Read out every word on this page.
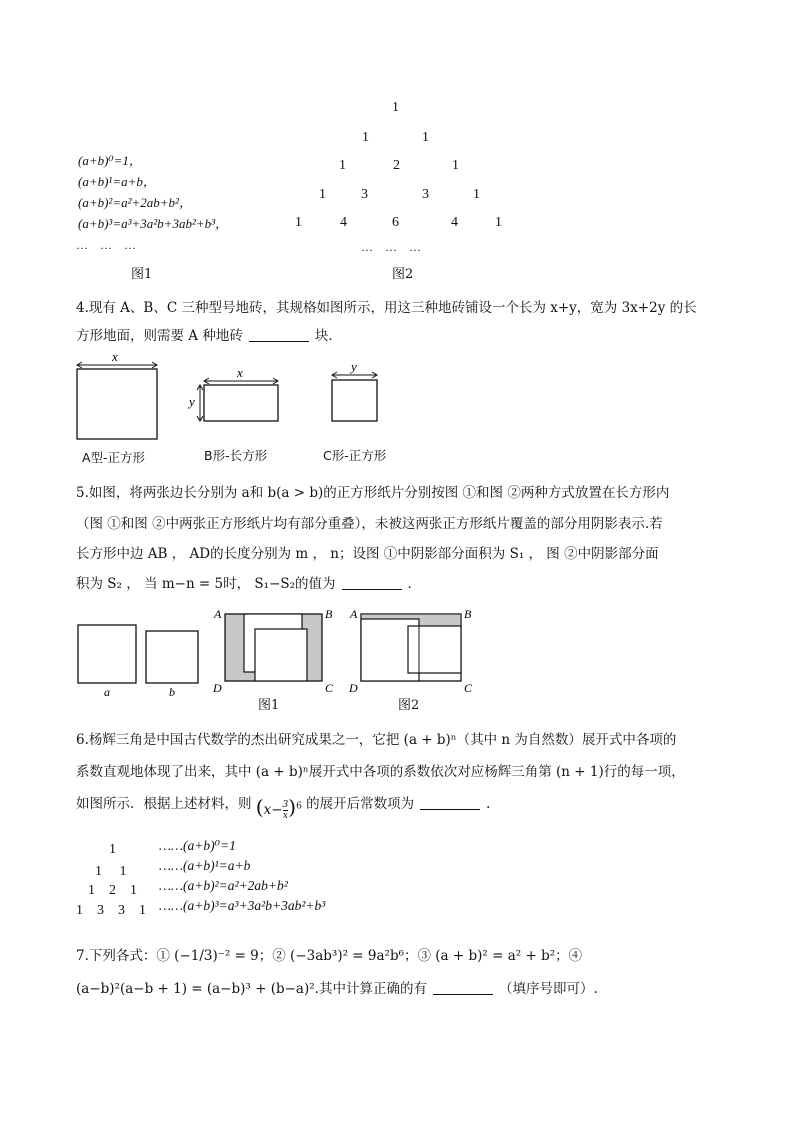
(a+b)⁰=1，
(a+b)¹=a+b，
(a+b)²=a²+2ab+b²，
(a+b)³=a³+3a²b+3ab²+b³，
…　…　…
图1
1
1	1
1	2	1
1	3	3	1
1	4	6	4	1
…　…　…
图2
4.现有 A、B、C 三种型号地砖，其规格如图所示，用这三种地砖铺设一个长为 x+y，宽为 3x+2y 的长
方形地面，则需要 A 种地砖	块．
x
x
y
y
A型-正方形	B形-长方形	C形-正方形
5.如图，将两张边长分别为 a和 b(a > b)的正方形纸片分别按图 ①和图 ②两种方式放置在长方形内
（图 ①和图 ②中两张正方形纸片均有部分重叠），未被这两张正方形纸片覆盖的部分用阴影表示.若
长方形中边 AB ， AD的长度分别为 m ， n；设图 ①中阴影部分面积为 S₁ ， 图 ②中阴影部分面
积为 S₂ ， 当 m−n = 5时， S₁−S₂的值为	．
a	b
A	B
C
D
A	B
C
D
图1	图2
6.杨辉三角是中国古代数学的杰出研究成果之一，它把 (a + b)ⁿ（其中 n 为自然数）展开式中各项的
系数直观地体现了出来，其中 (a + b)ⁿ展开式中各项的系数依次对应杨辉三角第 (n + 1)行的每一项，
如图所示．根据上述材料，则 $(x- \frac{3}{x} )^6$ 的展开后常数项为	．
1
1　 1
1　2　1
1　3　3　1
……(a+b)⁰=1
……(a+b)¹=a+b
……(a+b)²=a²+2ab+b²
……(a+b)³=a³+3a²b+3ab²+b³
7.下列各式：① (−1/3)⁻² = 9；② (−3ab³)² = 9a²b⁶；③ (a + b)² = a² + b²；④
(a−b)²(a−b + 1) = (a−b)³ + (b−a)².其中计算正确的有	（填序号即可）.
